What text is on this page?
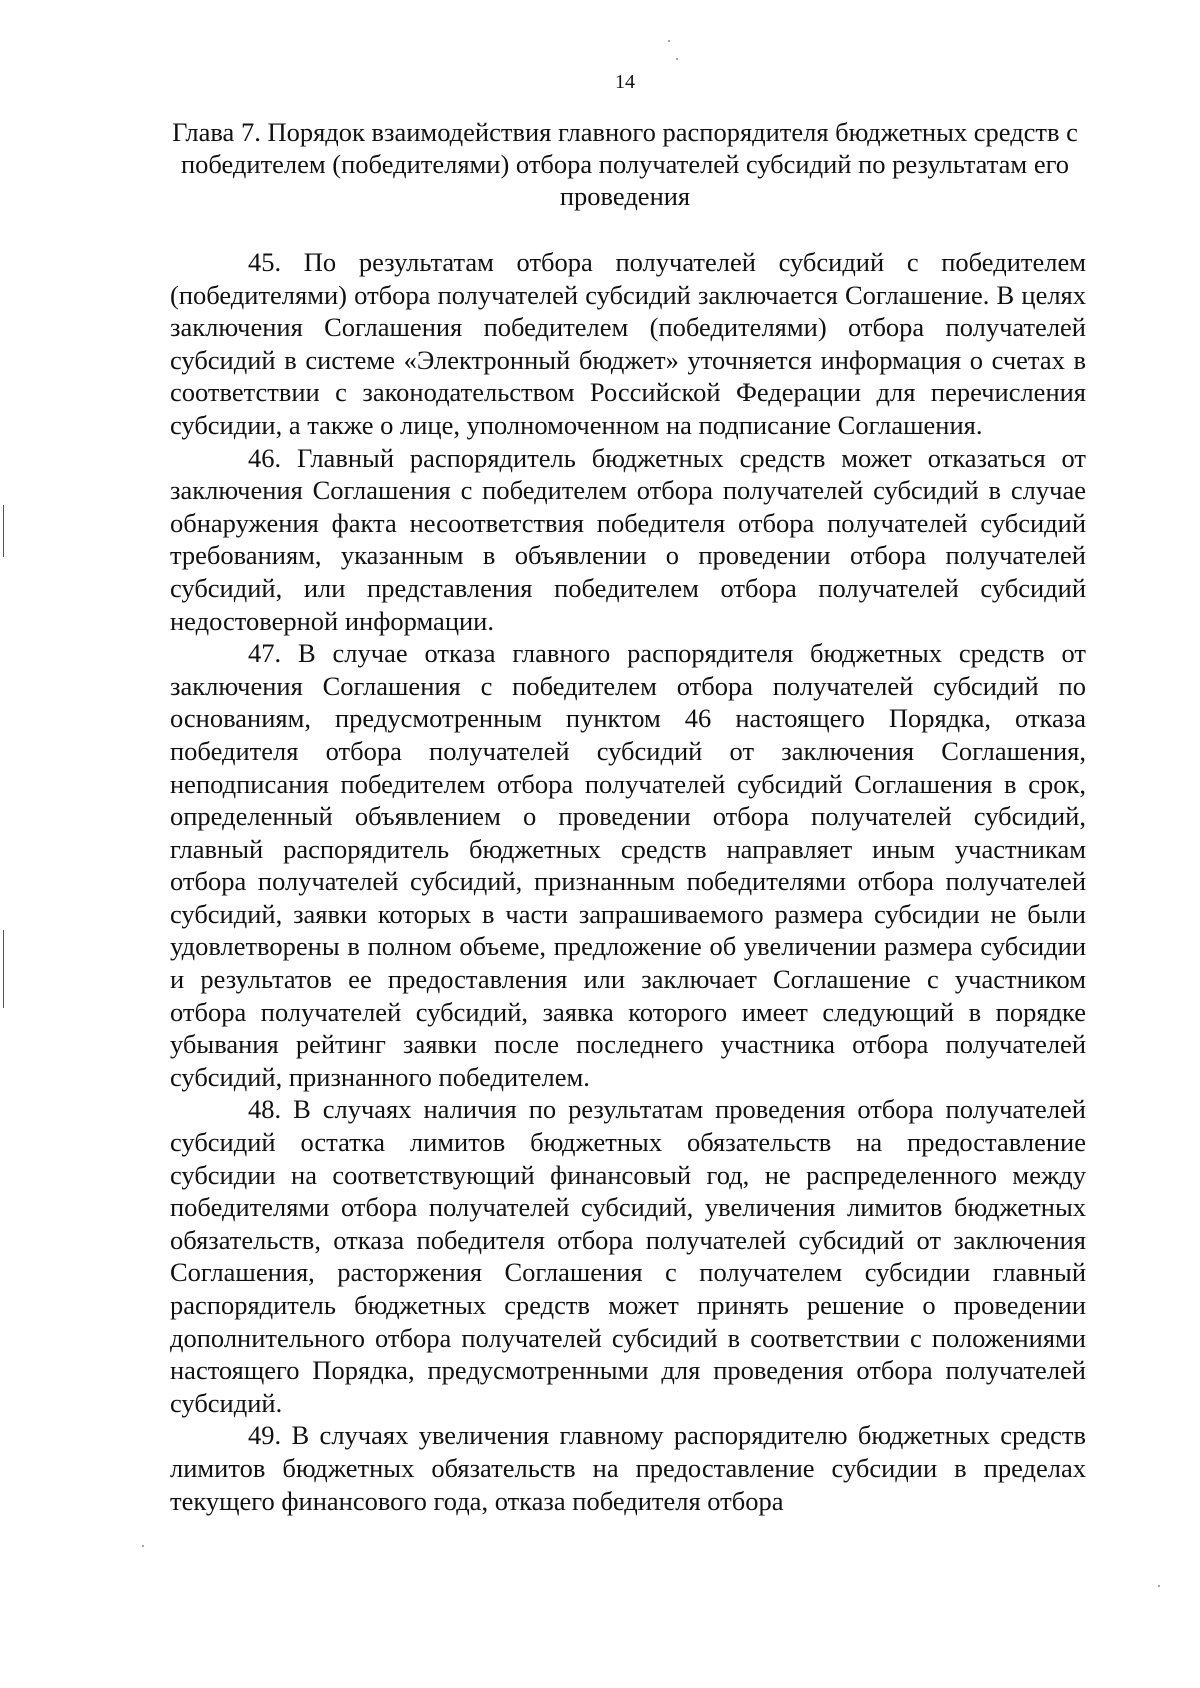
14
Глава 7. Порядок взаимодействия главного распорядителя бюджетных средств с победителем (победителями) отбора получателей субсидий по результатам его проведения

45. По результатам отбора получателей субсидий с победителем (победителями) отбора получателей субсидий заключается Соглашение. В целях заключения Соглашения победителем (победителями) отбора получателей субсидий в системе «Электронный бюджет» уточняется информация о счетах в соответствии с законодательством Российской Федерации для перечисления субсидии, а также о лице, уполномоченном на подписание Соглашения.

46. Главный распорядитель бюджетных средств может отказаться от заключения Соглашения с победителем отбора получателей субсидий в случае обнаружения факта несоответствия победителя отбора получателей субсидий требованиям, указанным в объявлении о проведении отбора получателей субсидий, или представления победителем отбора получателей субсидий недостоверной информации.

47. В случае отказа главного распорядителя бюджетных средств от заключения Соглашения с победителем отбора получателей субсидий по основаниям, предусмотренным пунктом 46 настоящего Порядка, отказа победителя отбора получателей субсидий от заключения Соглашения, неподписания победителем отбора получателей субсидий Соглашения в срок, определенный объявлением о проведении отбора получателей субсидий, главный распорядитель бюджетных средств направляет иным участникам отбора получателей субсидий, признанным победителями отбора получателей субсидий, заявки которых в части запрашиваемого размера субсидии не были удовлетворены в полном объеме, предложение об увеличении размера субсидии и результатов ее предоставления или заключает Соглашение с участником отбора получателей субсидий, заявка которого имеет следующий в порядке убывания рейтинг заявки после последнего участника отбора получателей субсидий, признанного победителем.

48. В случаях наличия по результатам проведения отбора получателей субсидий остатка лимитов бюджетных обязательств на предоставление субсидии на соответствующий финансовый год, не распределенного между победителями отбора получателей субсидий, увеличения лимитов бюджетных обязательств, отказа победителя отбора получателей субсидий от заключения Соглашения, расторжения Соглашения с получателем субсидии главный распорядитель бюджетных средств может принять решение о проведении дополнительного отбора получателей субсидий в соответствии с положениями настоящего Порядка, предусмотренными для проведения отбора получателей субсидий.

49. В случаях увеличения главному распорядителю бюджетных средств лимитов бюджетных обязательств на предоставление субсидии в пределах текущего финансового года, отказа победителя отбора
